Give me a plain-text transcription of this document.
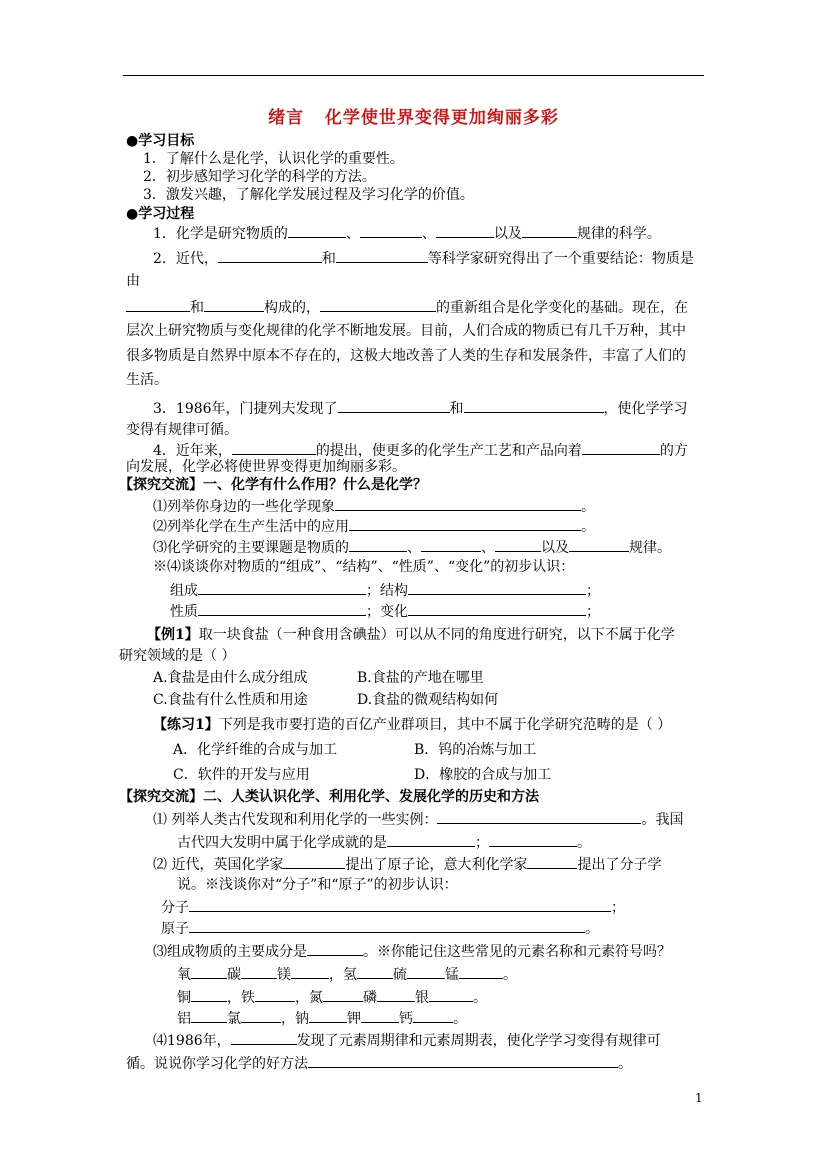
绪言   化学使世界变得更加绚丽多彩
●学习目标
1．了解什么是化学，认识化学的重要性。
2．初步感知学习化学的科学的方法。
3．激发兴趣，了解化学发展过程及学习化学的价值。
●学习过程
1．化学是研究物质的	、	、	以及	规律的科学。
2．近代，	和	等科学家研究得出了一个重要结论：物质是
由
和	构成的，	的重新组合是化学变化的基础。现在，在
层次上研究物质与变化规律的化学不断地发展。目前，人们合成的物质已有几千万种，其中
很多物质是自然界中原本不存在的，这极大地改善了人类的生存和发展条件，丰富了人们的
生活。
3．1986年，门捷列夫发现了	和	，使化学学习
变得有规律可循。
4．近年来，	的提出，使更多的化学生产工艺和产品向着	的方
向发展，化学必将使世界变得更加绚丽多彩。
【探究交流】一、化学有什么作用？什么是化学？
⑴列举你身边的一些化学现象	。
⑵列举化学在生产生活中的应用	。
⑶化学研究的主要课题是物质的	、	、	以及	规律。
※⑷谈谈你对物质的“组成”、“结构”、“性质”、“变化”的初步认识：
组成	；结构	；
性质	；变化	；
【例1】取一块食盐（一种食用含碘盐）可以从不同的角度进行研究，以下不属于化学
研究领域的是（ ）
A.食盐是由什么成分组成	B.食盐的产地在哪里
C.食盐有什么性质和用途	D.食盐的微观结构如何
【练习1】下列是我市要打造的百亿产业群项目，其中不属于化学研究范畴的是（ ）
A．化学纤维的合成与加工	B．钨的冶炼与加工
C．软件的开发与应用	D．橡胶的合成与加工
【探究交流】二、人类认识化学、利用化学、发展化学的历史和方法
⑴ 列举人类古代发现和利用化学的一些实例：	。我国
古代四大发明中属于化学成就的是	；	。
⑵ 近代，英国化学家	提出了原子论，意大利化学家	提出了分子学
说。※浅谈你对“分子”和“原子”的初步认识：
分子	；
原子	。
⑶组成物质的主要成分是	。※你能记住这些常见的元素名称和元素符号吗？
氧	碳	镁	，氢	硫	锰	。
铜	，铁	，氮	磷	银	。
铝	氯	，钠	钾	钙	。
⑷1986年，	发现了元素周期律和元素周期表，使化学学习变得有规律可
循。说说你学习化学的好方法	。
1
